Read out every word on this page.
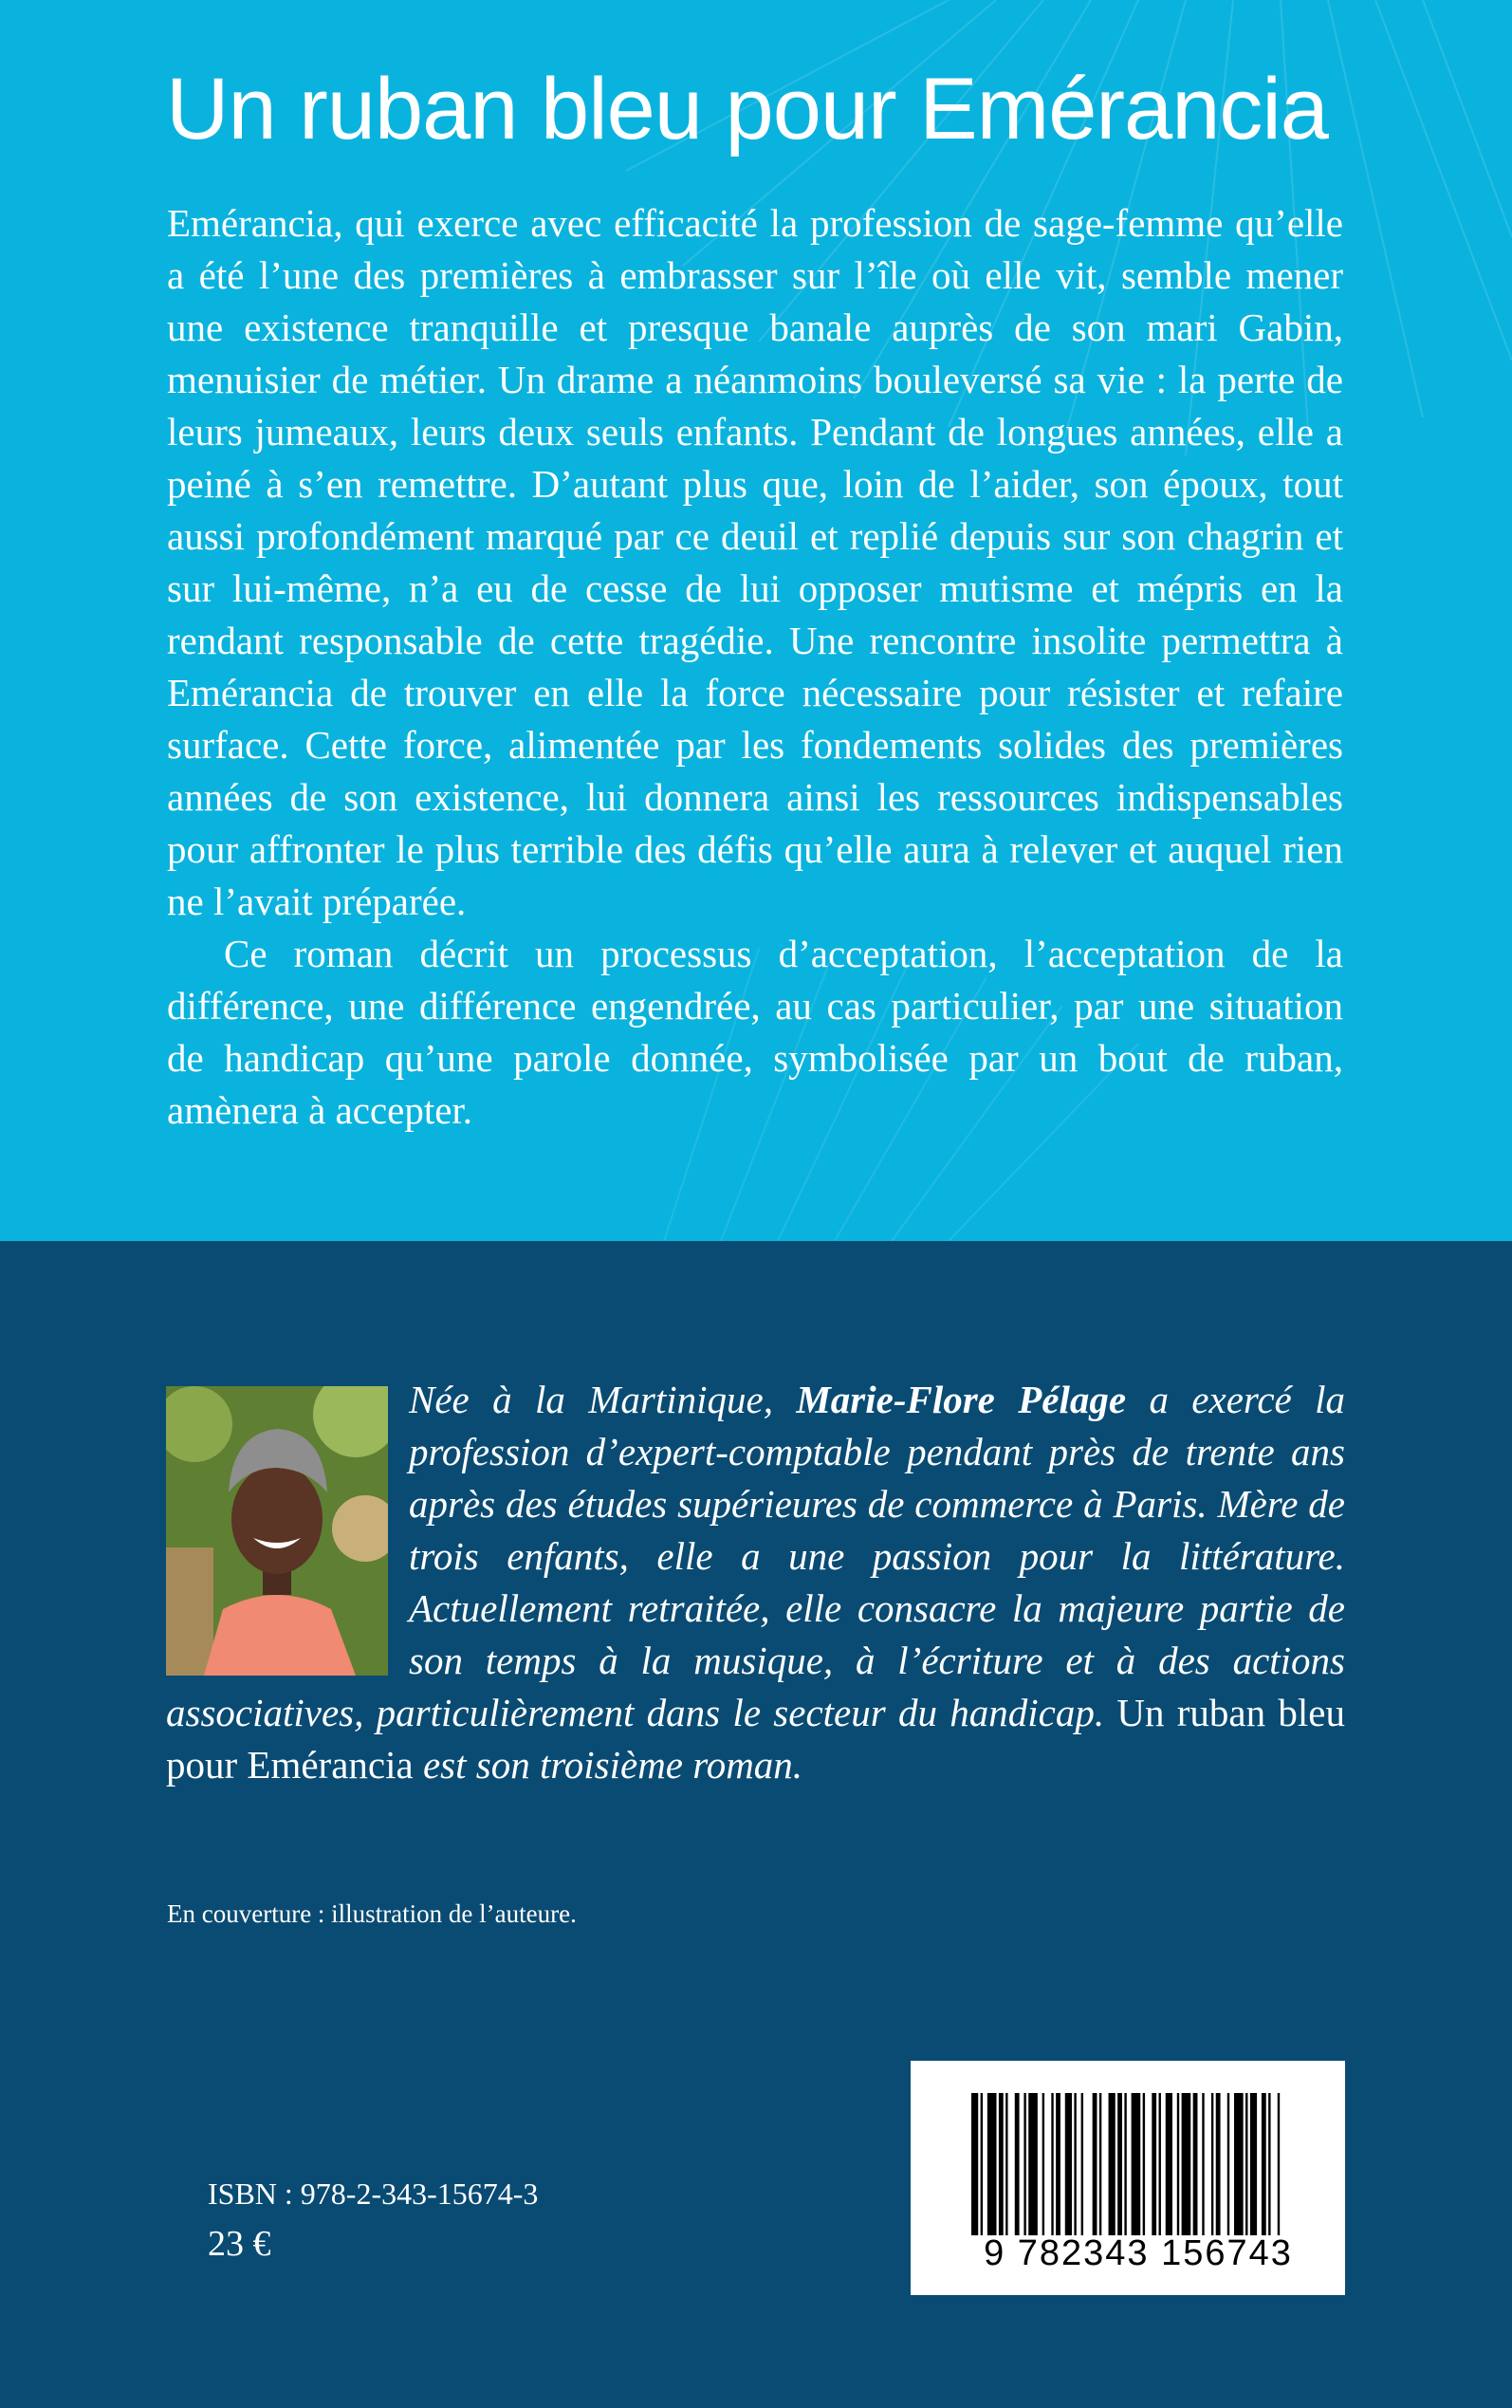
Un ruban bleu pour Emérancia

Emérancia, qui exerce avec efficacité la profession de sage-femme qu’elle a été l’une des premières à embrasser sur l’île où elle vit, semble mener une existence tranquille et presque banale auprès de son mari Gabin, menuisier de métier. Un drame a néanmoins bouleversé sa vie : la perte de leurs jumeaux, leurs deux seuls enfants. Pendant de longues années, elle a peiné à s’en remettre. D’autant plus que, loin de l’aider, son époux, tout aussi profondément marqué par ce deuil et replié depuis sur son chagrin et sur lui-même, n’a eu de cesse de lui opposer mutisme et mépris en la rendant responsable de cette tragédie. Une rencontre insolite permettra à Emérancia de trouver en elle la force nécessaire pour résister et refaire surface. Cette force, alimentée par les fondements solides des premières années de son existence, lui donnera ainsi les ressources indispensables pour affronter le plus terrible des défis qu’elle aura à relever et auquel rien ne l’avait préparée.

Ce roman décrit un processus d’acceptation, l’acceptation de la différence, une différence engendrée, au cas particulier, par une situation de handicap qu’une parole donnée, symbolisée par un bout de ruban, amènera à accepter.

Née à la Martinique, Marie-Flore Pélage a exercé la profession d’expert-comptable pendant près de trente ans après des études supérieures de commerce à Paris. Mère de trois enfants, elle a une passion pour la littérature. Actuellement retraitée, elle consacre la majeure partie de son temps à la musique, à l’écriture et à des actions associatives, particulièrement dans le secteur du handicap. Un ruban bleu pour Emérancia est son troisième roman.

En couverture : illustration de l’auteure.
ISBN : 978-2-343-15674-3
23 €	9 782343 156743
